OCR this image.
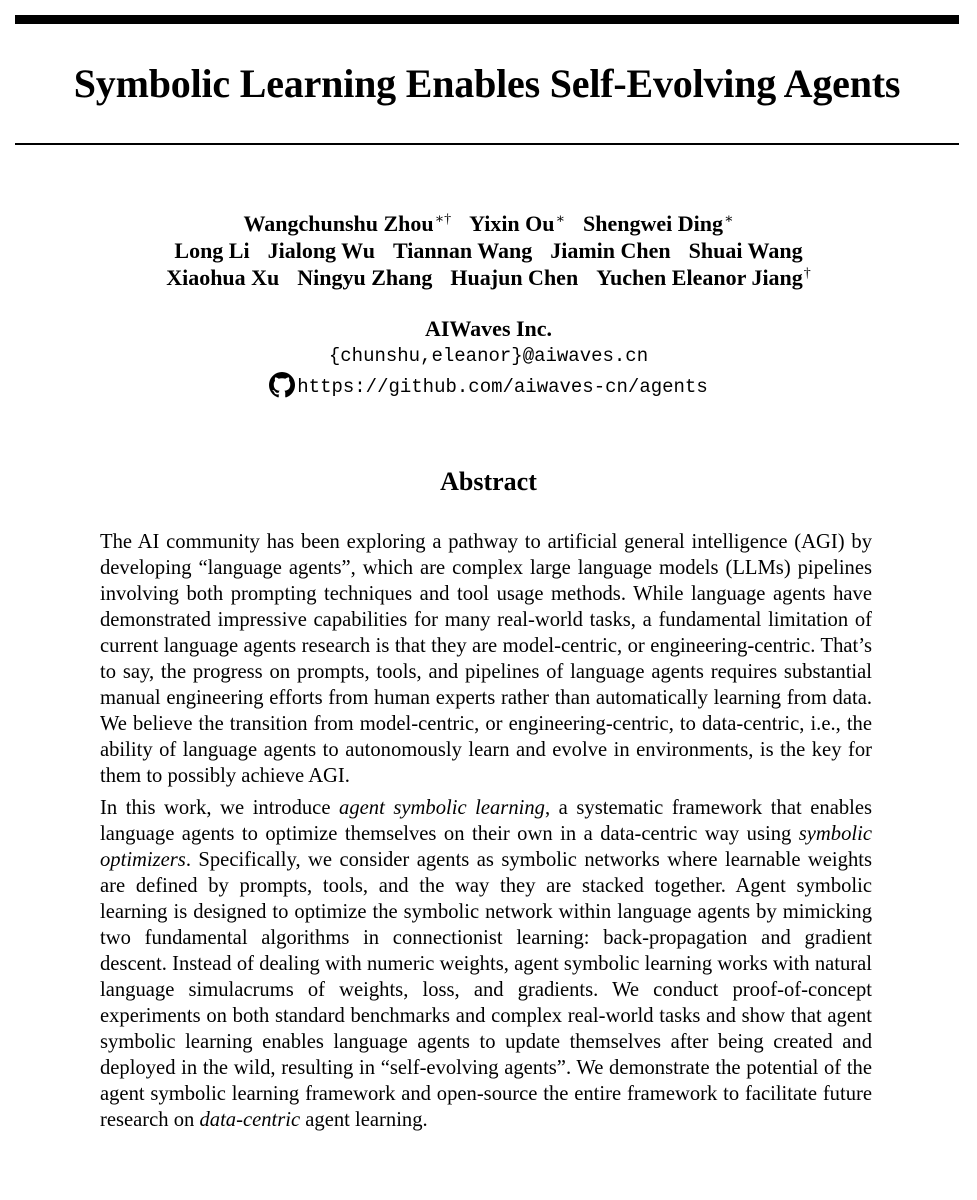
Symbolic Learning Enables Self-Evolving Agents
Wangchunshu Zhou∗† Yixin Ou∗ Shengwei Ding∗
Long Li Jialong Wu Tiannan Wang Jiamin Chen Shuai Wang
Xiaohua Xu Ningyu Zhang Huajun Chen Yuchen Eleanor Jiang†
AIWaves Inc.
{chunshu,eleanor}@aiwaves.cn
https://github.com/aiwaves-cn/agents
Abstract

The AI community has been exploring a pathway to artificial general intelligence (AGI) by developing “language agents”, which are complex large language models (LLMs) pipelines involving both prompting techniques and tool usage methods. While language agents have demonstrated impressive capabilities for many real-world tasks, a fundamental limitation of current language agents research is that they are model-centric, or engineering-centric. That’s to say, the progress on prompts, tools, and pipelines of language agents requires substantial manual engineering efforts from human experts rather than automatically learning from data. We believe the transition from model-centric, or engineering-centric, to data-centric, i.e., the ability of language agents to autonomously learn and evolve in environments, is the key for them to possibly achieve AGI.

In this work, we introduce agent symbolic learning, a systematic framework that enables language agents to optimize themselves on their own in a data-centric way using symbolic optimizers. Specifically, we consider agents as symbolic networks where learnable weights are defined by prompts, tools, and the way they are stacked together. Agent symbolic learning is designed to optimize the symbolic network within language agents by mimicking two fundamental algorithms in connectionist learning: back-propagation and gradient descent. Instead of dealing with numeric weights, agent symbolic learning works with natural language simulacrums of weights, loss, and gradients. We conduct proof-of-concept experiments on both standard benchmarks and complex real-world tasks and show that agent symbolic learning enables language agents to update themselves after being created and deployed in the wild, resulting in “self-evolving agents”. We demonstrate the potential of the agent symbolic learning framework and open-source the entire framework to facilitate future research on data-centric agent learning.
